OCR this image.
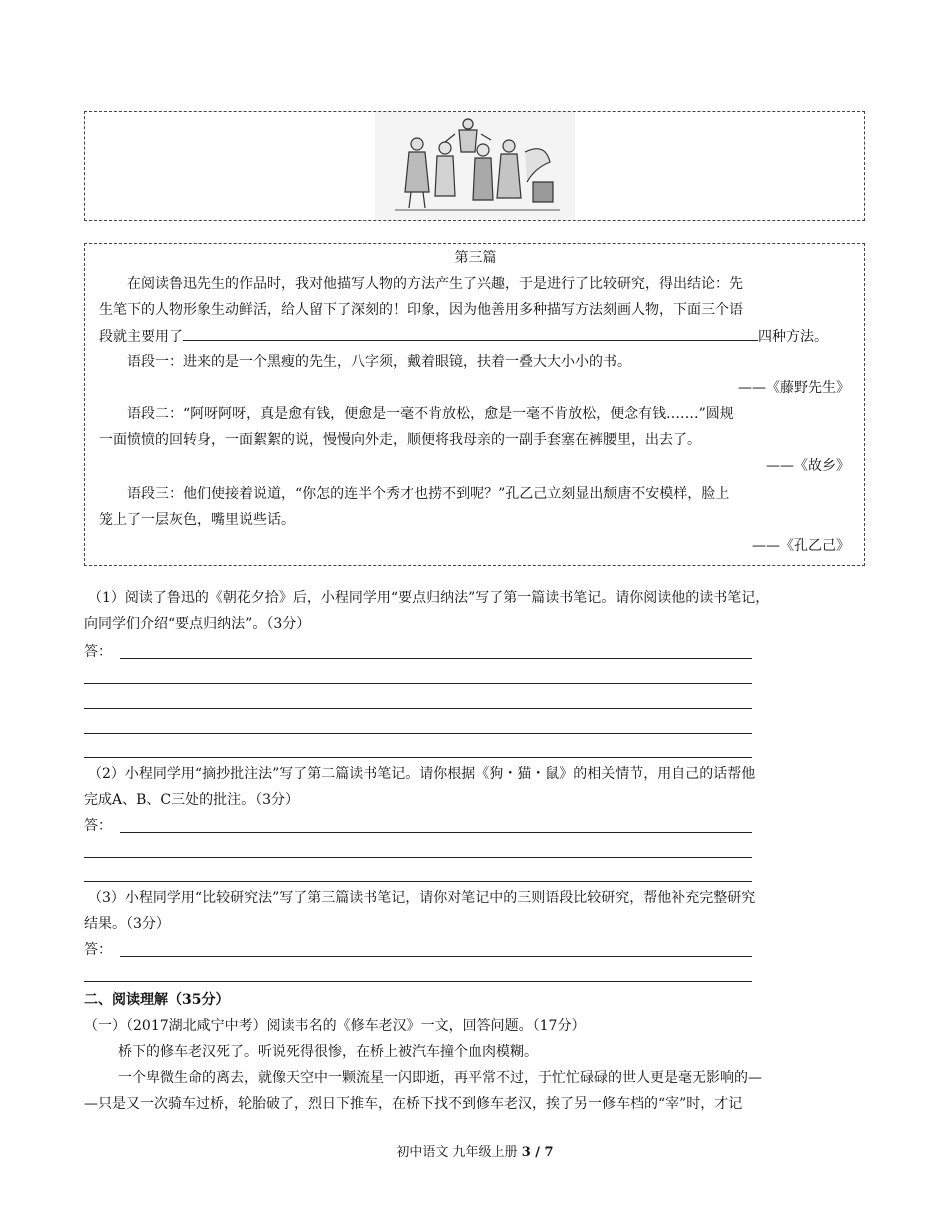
第三篇
在阅读鲁迅先生的作品时，我对他描写人物的方法产生了兴趣，于是进行了比较研究，得出结论：先
生笔下的人物形象生动鲜活，给人留下了深刻的！印象，因为他善用多种描写方法刻画人物，下面三个语
段就主要用了	四种方法。
语段一：进来的是一个黑瘦的先生，八字须，戴着眼镜，扶着一叠大大小小的书。
——《藤野先生》
语段二：“阿呀阿呀，真是愈有钱，便愈是一毫不肯放松，愈是一毫不肯放松，便念有钱.……”圆规
一面愤愤的回转身，一面絮絮的说，慢慢向外走，顺便将我母亲的一副手套塞在裤腰里，出去了。
——《故乡》
语段三：他们使接着说道，“你怎的连半个秀才也捞不到呢？”孔乙己立刻显出颓唐不安模样，脸上
笼上了一层灰色，嘴里说些话。
——《孔乙己》
（1）阅读了鲁迅的《朝花夕拾》后，小程同学用“要点归纳法”写了第一篇读书笔记。请你阅读他的读书笔记，
向同学们介绍“要点归纳法”。（3分）
答：
（2）小程同学用“摘抄批注法”写了第二篇读书笔记。请你根据《狗・猫・鼠》的相关情节，用自己的话帮他
完成A、B、C三处的批注。（3分）
答：
（3）小程同学用“比较研究法”写了第三篇读书笔记，请你对笔记中的三则语段比较研究，帮他补充完整研究
结果。（3分）
答：
二、阅读理解（35分）
（一）（2017湖北咸宁中考）阅读韦名的《修车老汉》一文，回答问题。（17分）
桥下的修车老汉死了。听说死得很惨，在桥上被汽车撞个血肉模糊。
一个卑微生命的离去，就像天空中一颗流星一闪即逝，再平常不过，于忙忙碌碌的世人更是毫无影响的—
—只是又一次骑车过桥，轮胎破了，烈日下推车，在桥下找不到修车老汉，挨了另一修车档的“宰”时，才记
初中语文 九年级上册 3 / 7
